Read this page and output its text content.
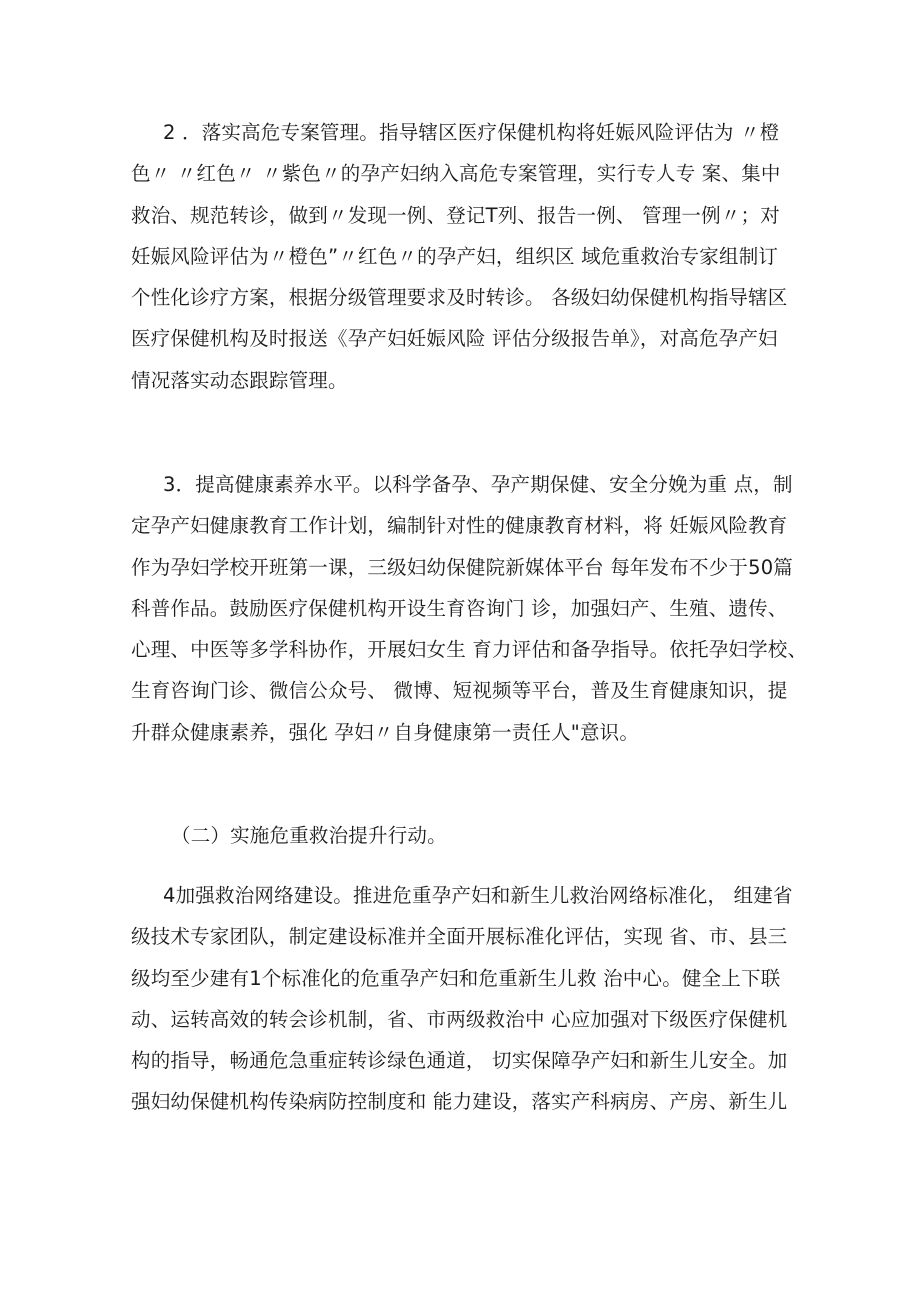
2 ．落实高危专案管理。指导辖区医疗保健机构将妊娠风险评估为 〃橙
色〃 〃红色〃 〃紫色〃的孕产妇纳入高危专案管理，实行专人专 案、集中
救治、规范转诊，做到〃发现一例、登记T列、报告一例、 管理一例〃；对
妊娠风险评估为〃橙色”〃红色〃的孕产妇，组织区 域危重救治专家组制订
个性化诊疗方案，根据分级管理要求及时转诊。 各级妇幼保健机构指导辖区
医疗保健机构及时报送《孕产妇妊娠风险 评估分级报告单》，对高危孕产妇
情况落实动态跟踪管理。
3．提高健康素养水平。以科学备孕、孕产期保健、安全分娩为重 点，制
定孕产妇健康教育工作计划，编制针对性的健康教育材料，将 妊娠风险教育
作为孕妇学校开班第一课，三级妇幼保健院新媒体平台 每年发布不少于50篇
科普作品。鼓励医疗保健机构开设生育咨询门 诊，加强妇产、生殖、遗传、
心理、中医等多学科协作，开展妇女生 育力评估和备孕指导。依托孕妇学校、
生育咨询门诊、微信公众号、 微博、短视频等平台，普及生育健康知识，提
升群众健康素养，强化 孕妇〃自身健康第一责任人"意识。
（二）实施危重救治提升行动。
4加强救治网络建设。推进危重孕产妇和新生儿救治网络标准化， 组建省
级技术专家团队，制定建设标准并全面开展标准化评估，实现 省、市、县三
级均至少建有1个标准化的危重孕产妇和危重新生儿救 治中心。健全上下联
动、运转高效的转会诊机制，省、市两级救治中 心应加强对下级医疗保健机
构的指导，畅通危急重症转诊绿色通道， 切实保障孕产妇和新生儿安全。加
强妇幼保健机构传染病防控制度和 能力建设，落实产科病房、产房、新生儿
